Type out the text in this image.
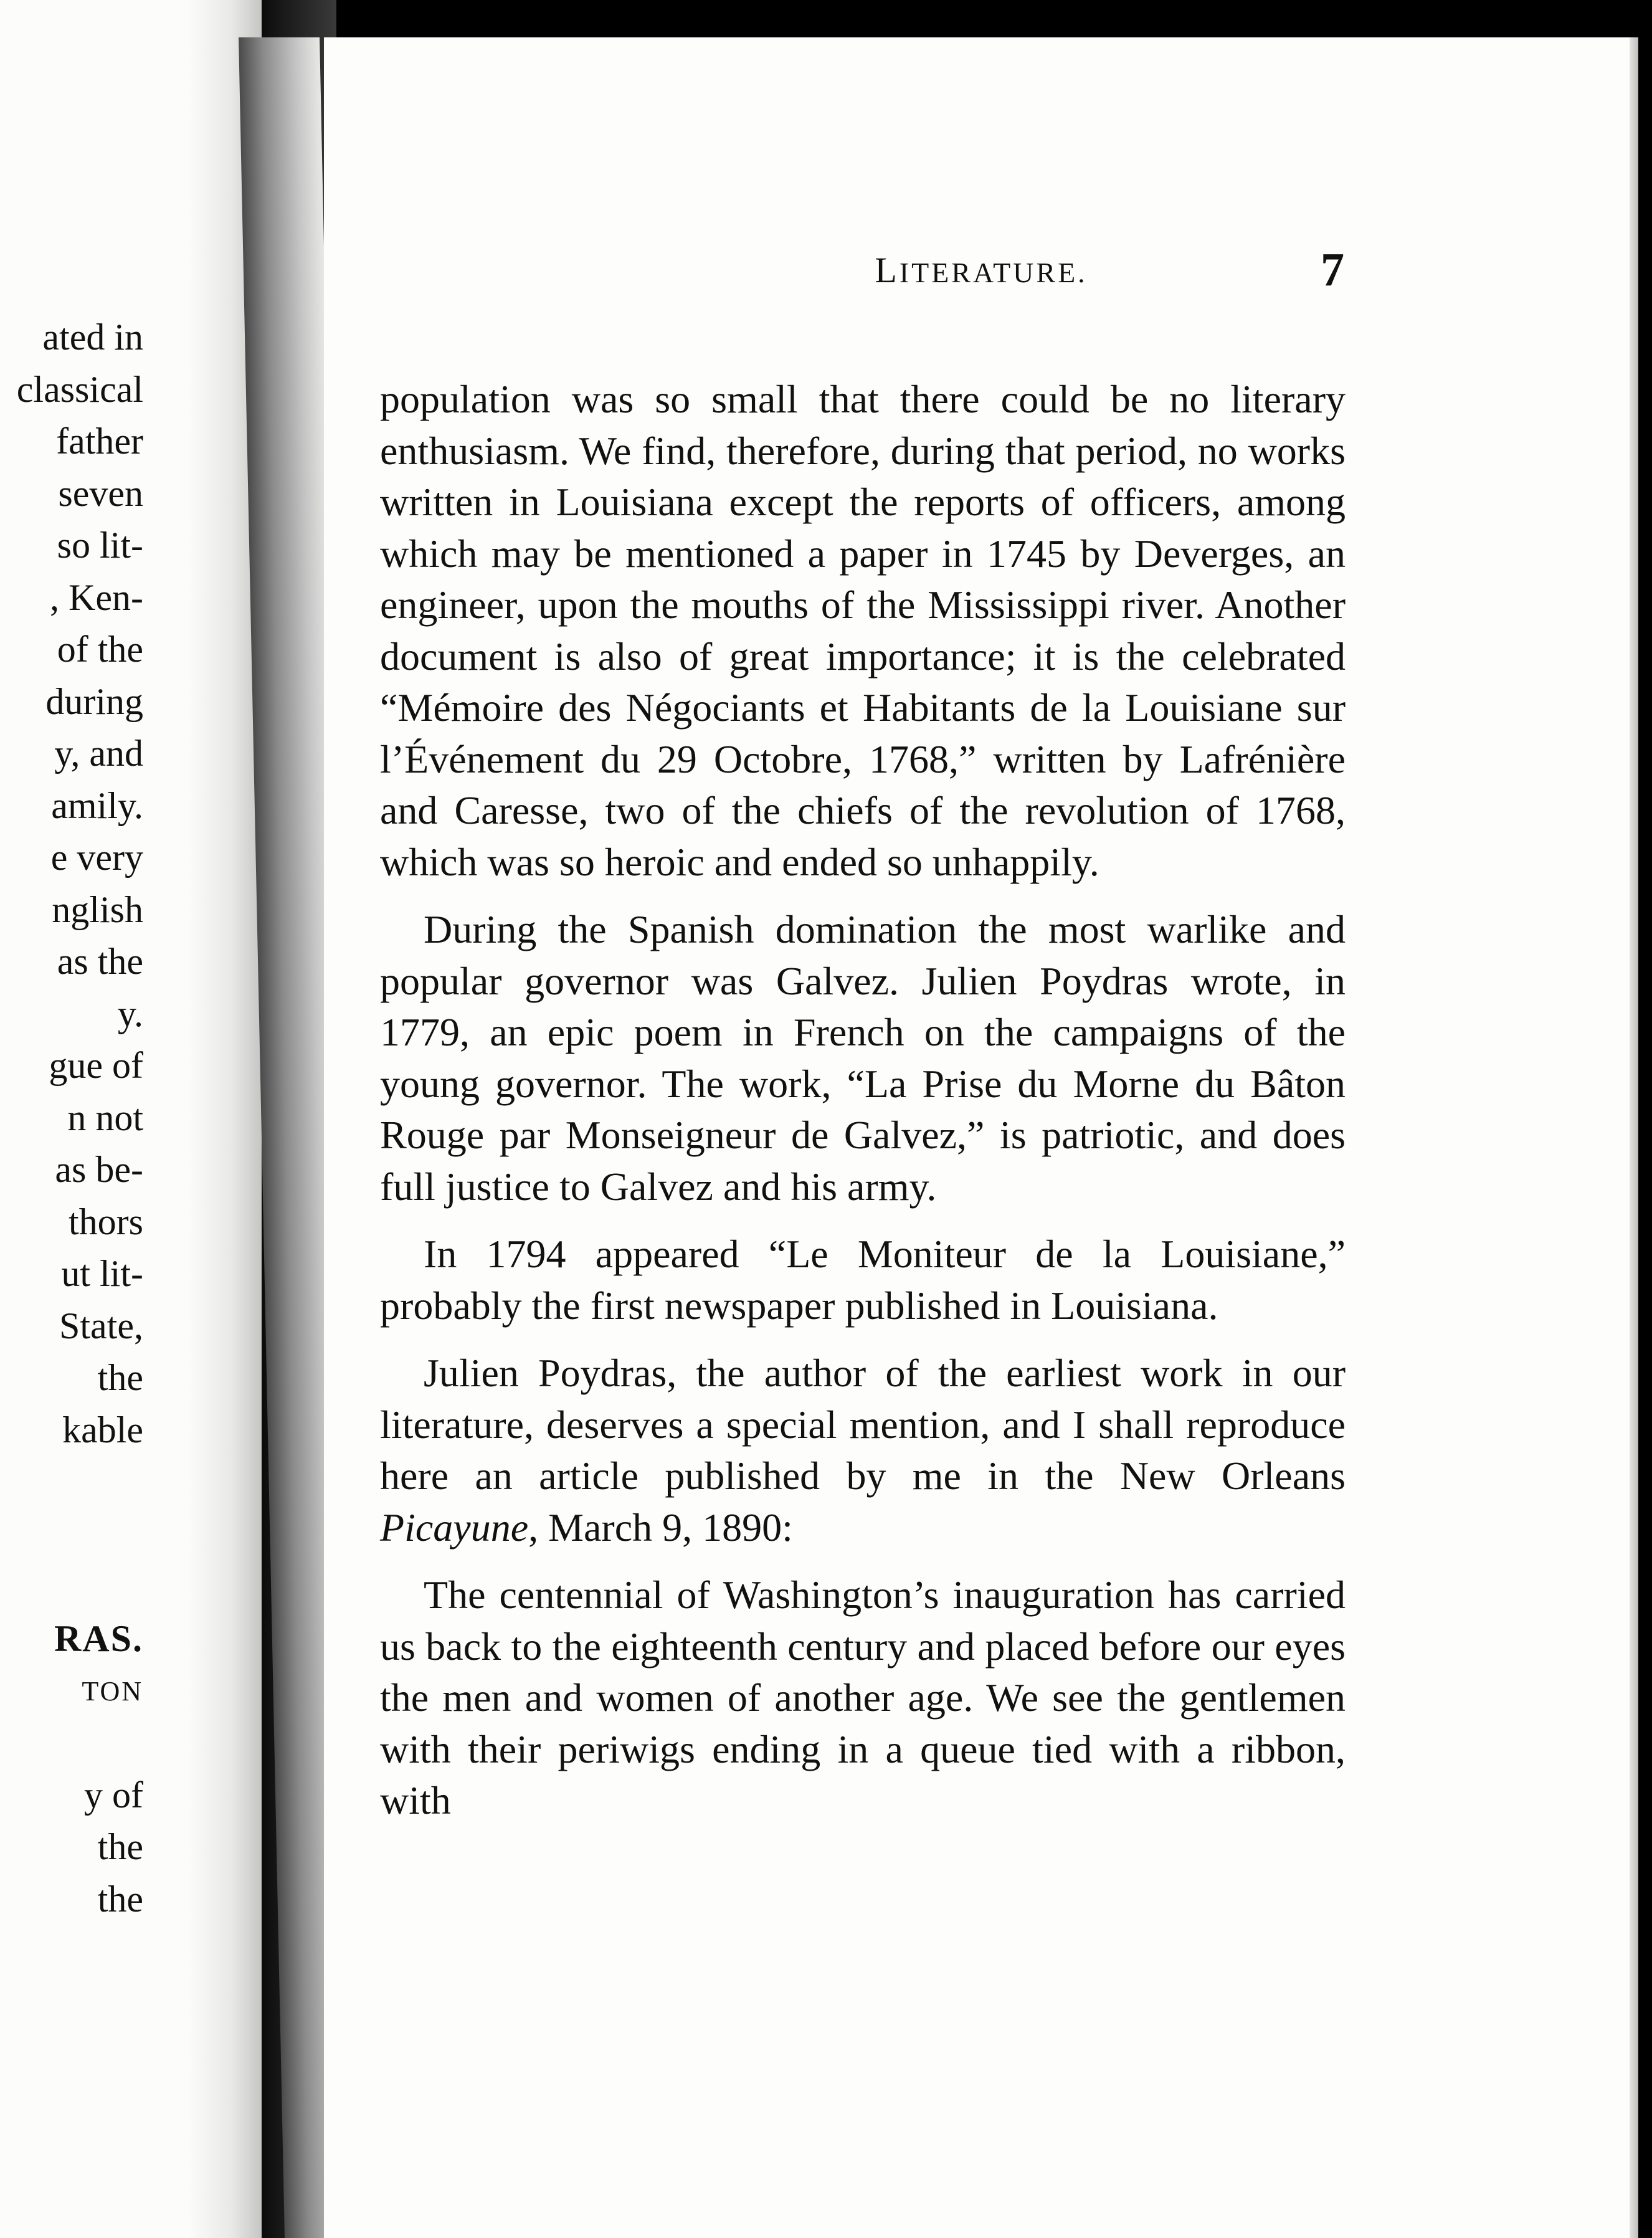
ated in
classical
father
seven
so lit-
, Ken-
of the
during
y, and
amily.
e very
nglish
as the
y.
gue of
n not
as be-
thors
ut lit-
State,
the
kable
RAS.
TON
y of
the
the
LITERATURE.	7

population was so small that there could be no literary enthusiasm. We find, therefore, during that period, no works written in Louisiana except the reports of officers, among which may be mentioned a paper in 1745 by Deverges, an engineer, upon the mouths of the Mississippi river. Another document is also of great importance; it is the celebrated “Mémoire des Négociants et Habitants de la Louisiane sur l’Événement du 29 Octobre, 1768,” written by Lafrénière and Caresse, two of the chiefs of the revolution of 1768, which was so heroic and ended so unhappily.

During the Spanish domination the most warlike and popular governor was Galvez. Julien Poydras wrote, in 1779, an epic poem in French on the campaigns of the young governor. The work, “La Prise du Morne du Bâton Rouge par Monseigneur de Galvez,” is patriotic, and does full justice to Galvez and his army.

In 1794 appeared “Le Moniteur de la Louisiane,” probably the first newspaper published in Louisiana.

Julien Poydras, the author of the earliest work in our literature, deserves a special mention, and I shall reproduce here an article published by me in the New Orleans Picayune, March 9, 1890:

The centennial of Washington’s inauguration has carried us back to the eighteenth century and placed before our eyes the men and women of another age. We see the gentlemen with their periwigs ending in a queue tied with a ribbon, with
